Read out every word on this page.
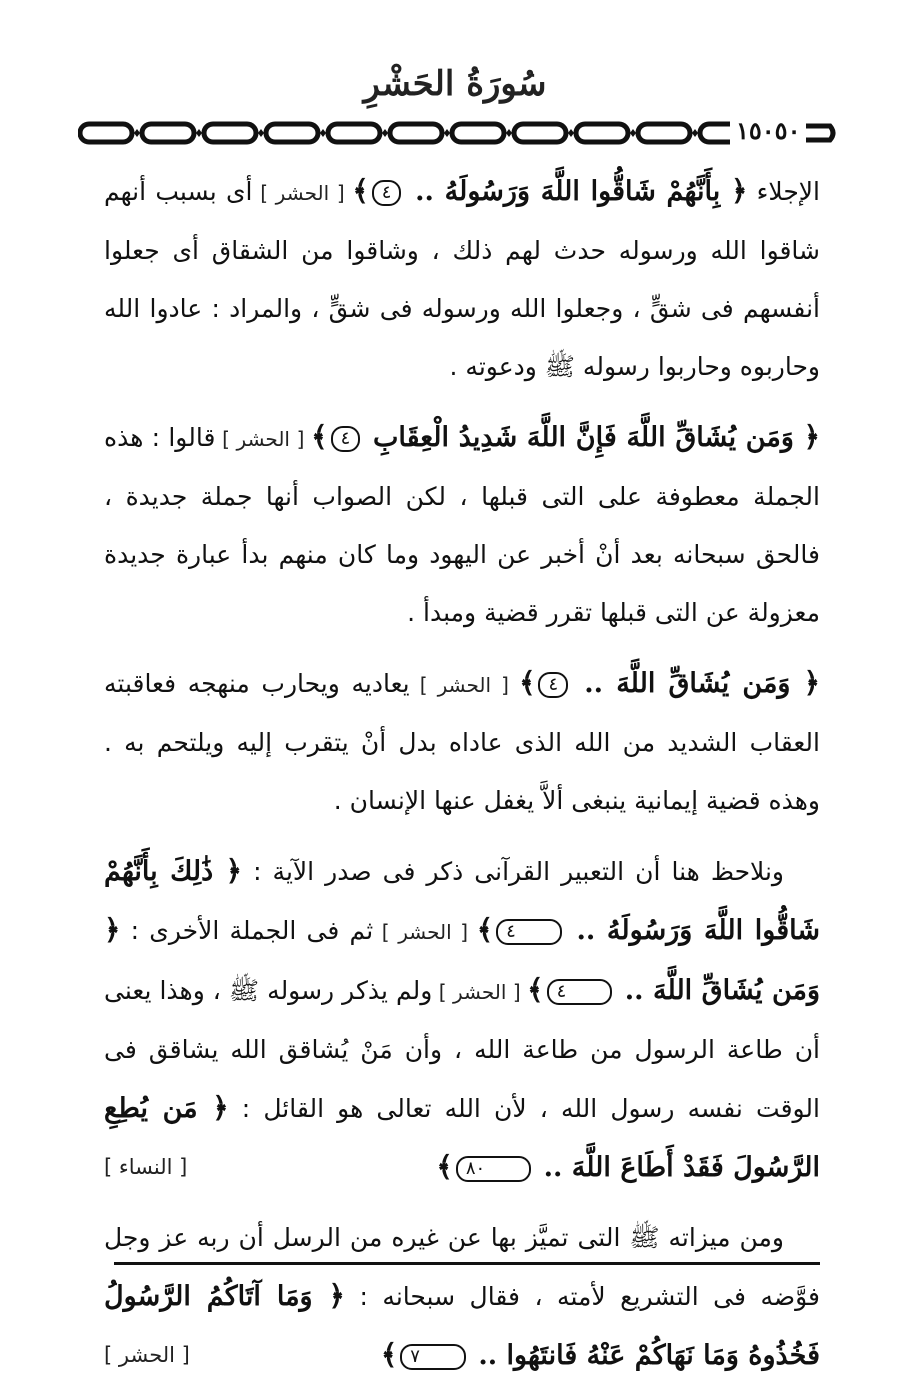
سُورَةُ الحَشْرِ
١٥٠٥٠

الإجلاء ﴿ بِأَنَّهُمْ شَاقُّوا اللَّهَ وَرَسُولَهُ .. ٤﴾ [ الحشر ] أى بسبب أنهم شاقوا الله ورسوله حدث لهم ذلك ، وشاقوا من الشقاق أى جعلوا أنفسهم فى شقٍّ ، وجعلوا الله ورسوله فى شقٍّ ، والمراد : عادوا الله وحاربوه وحاربوا رسوله ﷺ ودعوته .

﴿ وَمَن يُشَاقِّ اللَّهَ فَإِنَّ اللَّهَ شَدِيدُ الْعِقَابِ ٤﴾ [ الحشر ] قالوا : هذه الجملة معطوفة على التى قبلها ، لكن الصواب أنها جملة جديدة ، فالحق سبحانه بعد أنْ أخبر عن اليهود وما كان منهم بدأ عبارة جديدة معزولة عن التى قبلها تقرر قضية ومبدأ .

﴿ وَمَن يُشَاقِّ اللَّهَ .. ٤﴾ [ الحشر ] يعاديه ويحارب منهجه فعاقبته العقاب الشديد من الله الذى عاداه بدل أنْ يتقرب إليه ويلتحم به . وهذه قضية إيمانية ينبغى ألاَّ يغفل عنها الإنسان .

ونلاحظ هنا أن التعبير القرآنى ذكر فى صدر الآية : ﴿ ذَٰلِكَ بِأَنَّهُمْ شَاقُّوا اللَّهَ وَرَسُولَهُ .. ٤﴾ [ الحشر ] ثم فى الجملة الأخرى : ﴿ وَمَن يُشَاقِّ اللَّهَ .. ٤﴾ [ الحشر ] ولم يذكر رسوله ﷺ ، وهذا يعنى أن طاعة الرسول من طاعة الله ، وأن مَنْ يُشاقق الله يشاقق فى الوقت نفسه رسول الله ، لأن الله تعالى هو القائل : ﴿ مَن يُطِعِ الرَّسُولَ فَقَدْ أَطَاعَ اللَّهَ .. ٨٠﴾
[ النساء ]

ومن ميزاته ﷺ التى تميَّز بها عن غيره من الرسل أن ربه عز وجل فوَّضه فى التشريع لأمته ، فقال سبحانه : ﴿ وَمَا آتَاكُمُ الرَّسُولُ فَخُذُوهُ وَمَا نَهَاكُمْ عَنْهُ فَانتَهُوا .. ٧﴾
[ الحشر ]
